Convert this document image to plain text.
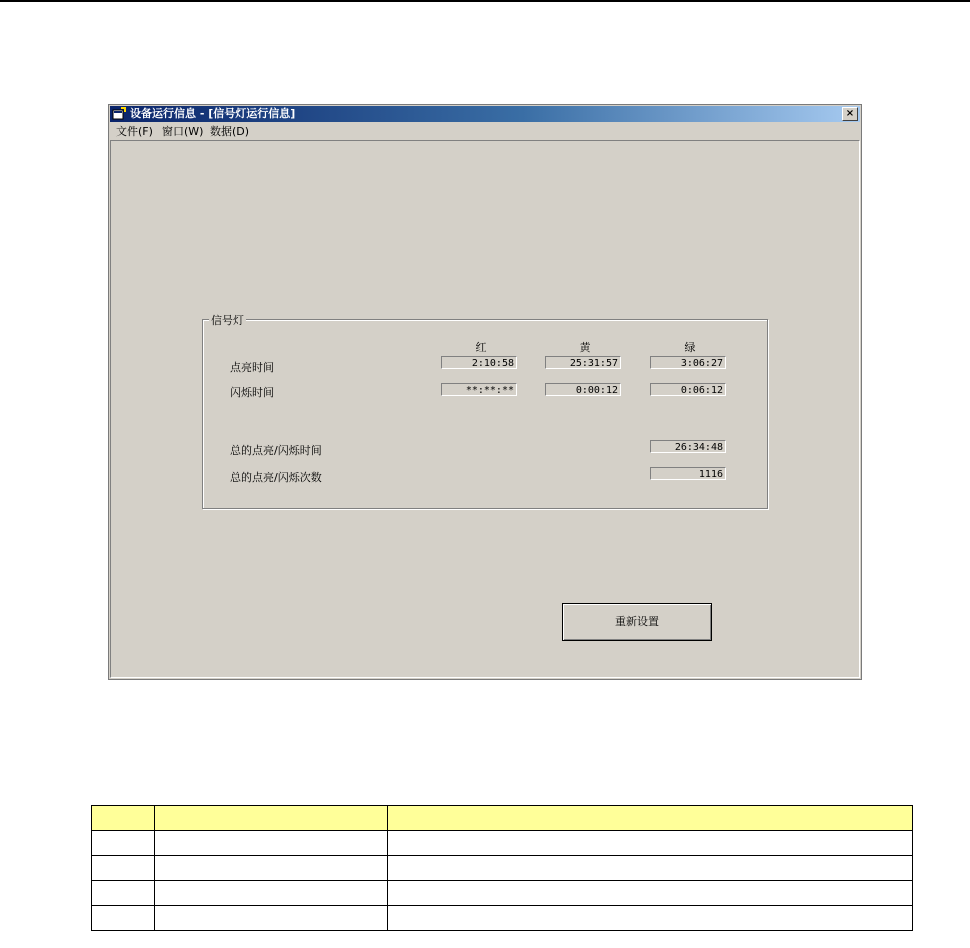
设备运行信息 - [信号灯运行信息]	×
文件(F) 窗口(W) 数据(D)
信号灯
红	黄	绿
点亮时间	2:10:58	25:31:57	3:06:27
闪烁时间	**:**:**	0:00:12	0:06:12
总的点亮/闪烁时间	26:34:48
总的点亮/闪烁次数	1116
重新设置
